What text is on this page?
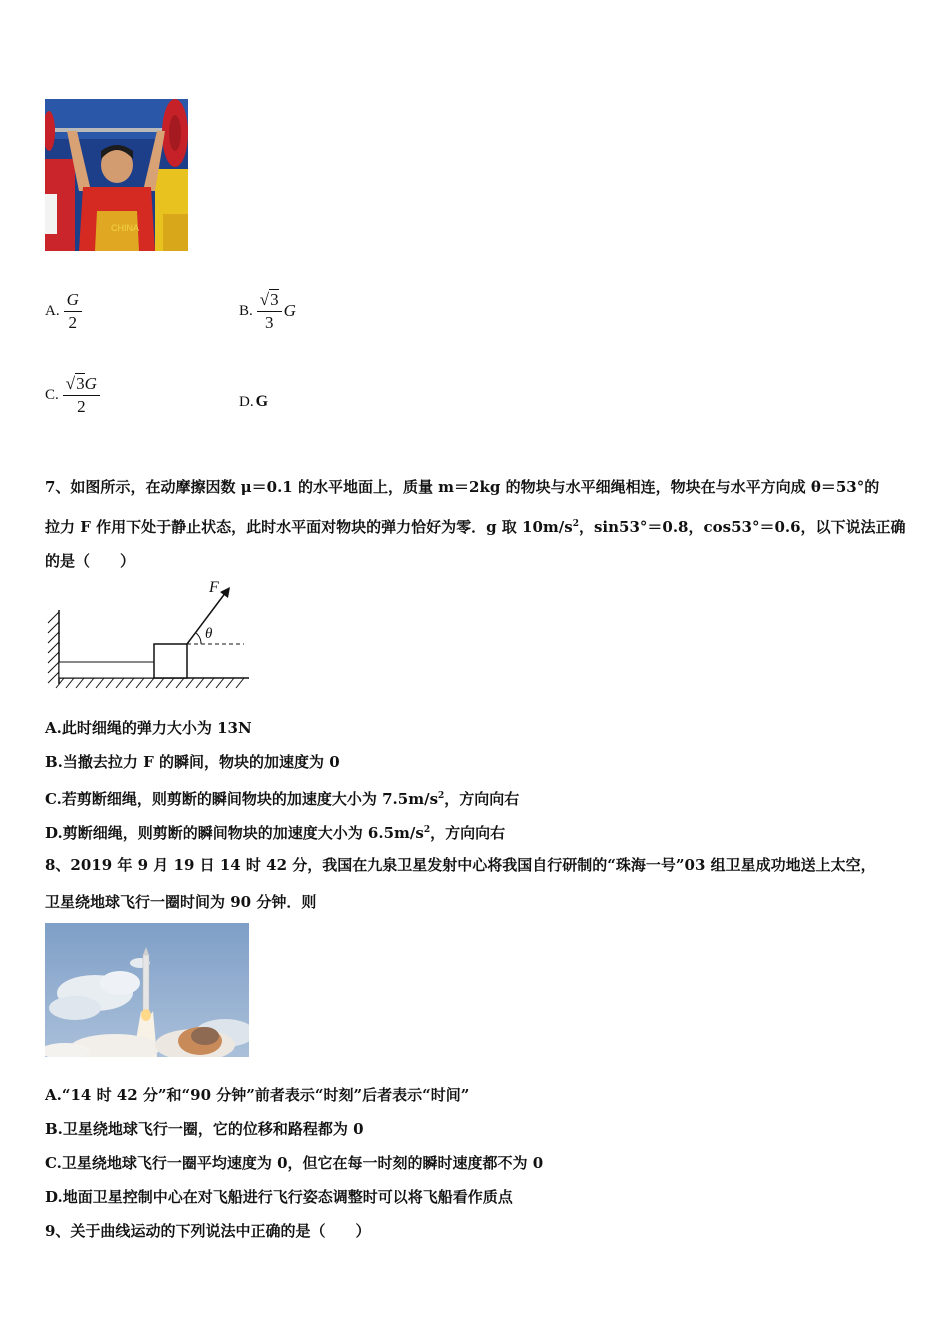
CHINA
A. $\frac{G}{2}$	B. $\frac{√3}{3}$ G
C. $\frac{√3G}{2}$	D. G
7、如图所示，在动摩擦因数 μ＝0.1 的水平地面上，质量 m＝2kg 的物块与水平细绳相连，物块在与水平方向成 θ＝53°的
拉力 F 作用下处于静止状态，此时水平面对物块的弹力恰好为零．g 取 $10m/s^2$，sin53°＝0.8，cos53°＝0.6，以下说法正确
的是（　　）
F
θ
A.此时细绳的弹力大小为 13N
B.当撤去拉力 F 的瞬间，物块的加速度为 0
C.若剪断细绳，则剪断的瞬间物块的加速度大小为 $7.5m/s^2$，方向向右
D.剪断细绳，则剪断的瞬间物块的加速度大小为 $6.5m/s^2$，方向向右
8、2019 年 9 月 19 日 14 时 42 分，我国在九泉卫星发射中心将我国自行研制的“珠海一号”03 组卫星成功地送上太空，
卫星绕地球飞行一圈时间为 90 分钟．则
A.“14 时 42 分”和“90 分钟”前者表示“时刻”后者表示“时间”
B.卫星绕地球飞行一圈，它的位移和路程都为 0
C.卫星绕地球飞行一圈平均速度为 0，但它在每一时刻的瞬时速度都不为 0
D.地面卫星控制中心在对飞船进行飞行姿态调整时可以将飞船看作质点
9、关于曲线运动的下列说法中正确的是（　　）
